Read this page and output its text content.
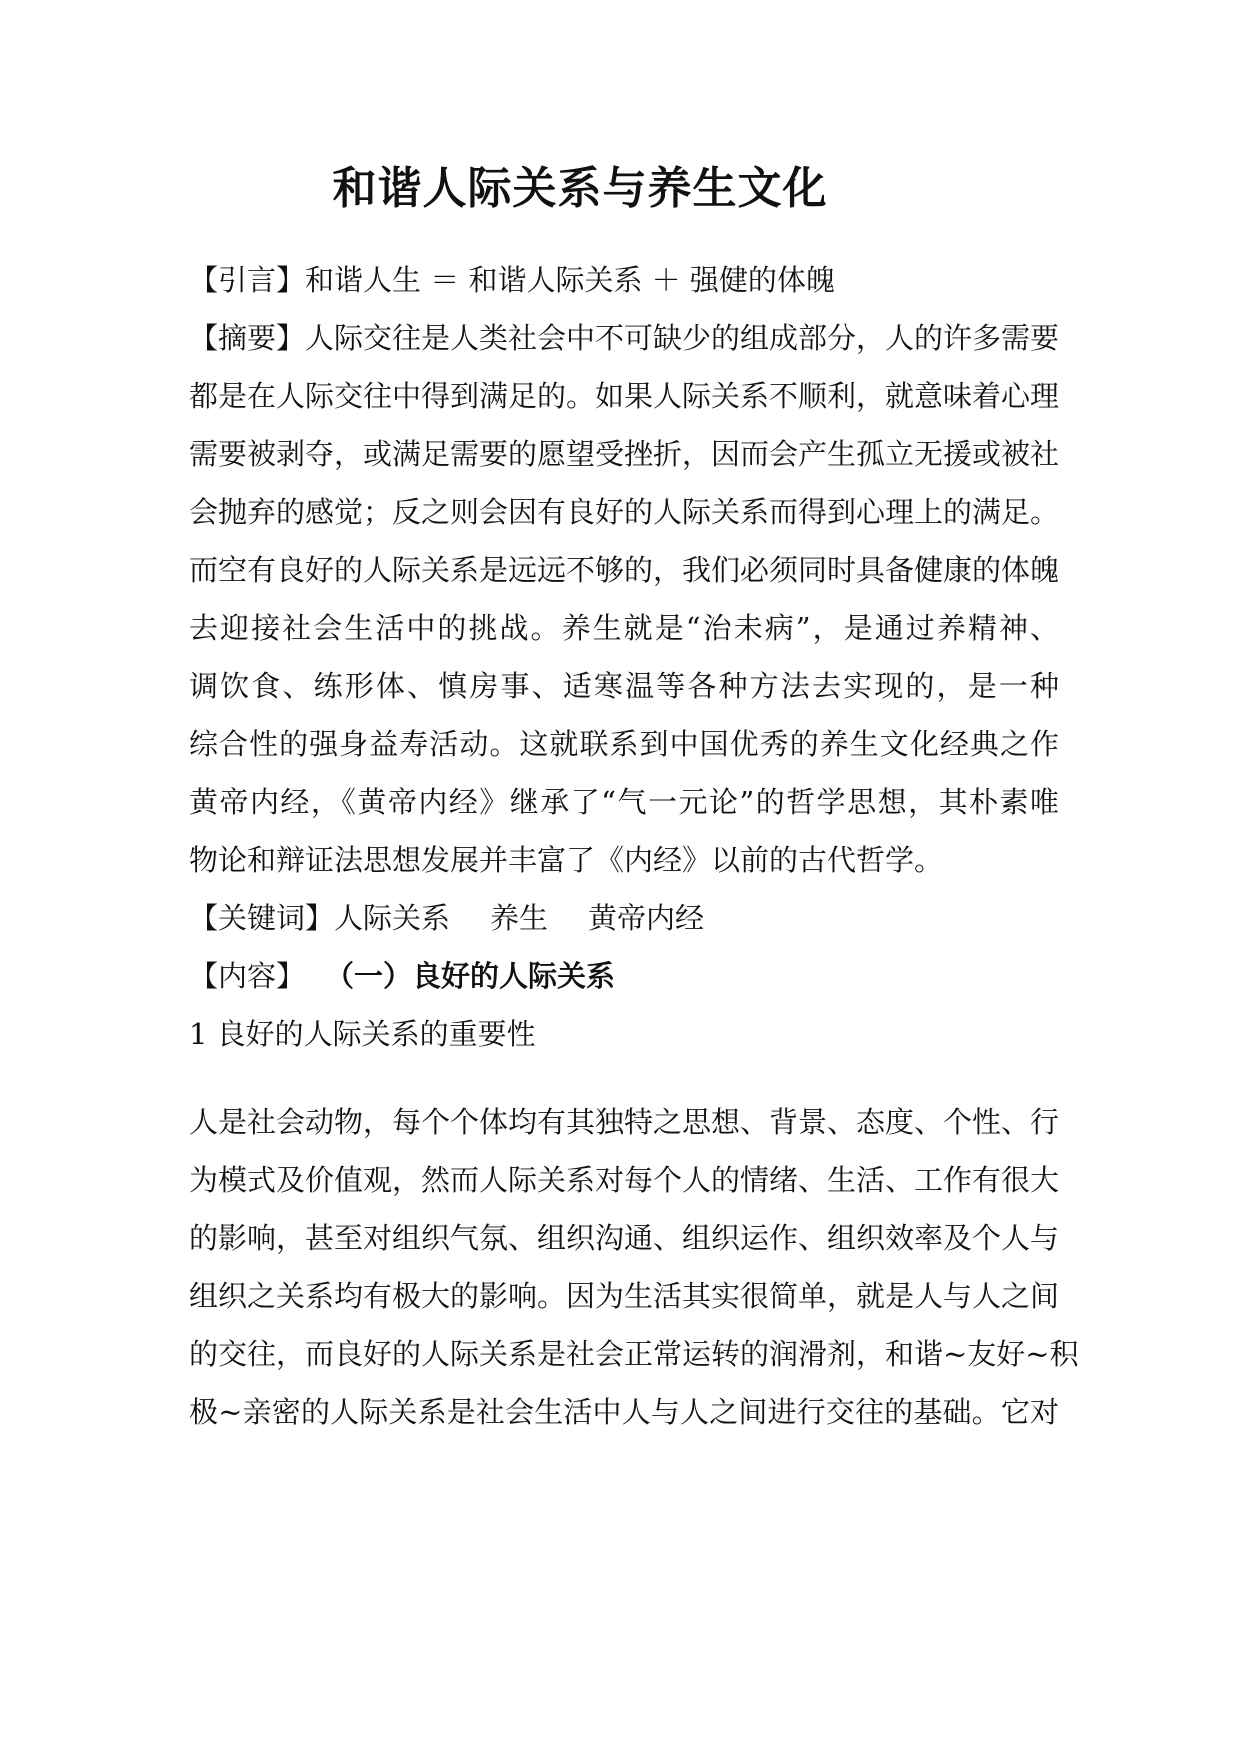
和谐人际关系与养生文化
【引言】和谐人生 ＝ 和谐人际关系 ＋ 强健的体魄
【摘要】人际交往是人类社会中不可缺少的组成部分，人的许多需要
都是在人际交往中得到满足的。如果人际关系不顺利，就意味着心理
需要被剥夺，或满足需要的愿望受挫折，因而会产生孤立无援或被社
会抛弃的感觉；反之则会因有良好的人际关系而得到心理上的满足。
而空有良好的人际关系是远远不够的，我们必须同时具备健康的体魄
去迎接社会生活中的挑战。养生就是“治未病”，是通过养精神、
调饮食、练形体、慎房事、适寒温等各种方法去实现的，是一种
综合性的强身益寿活动。这就联系到中国优秀的养生文化经典之作
黄帝内经，《黄帝内经》继承了“气一元论”的哲学思想，其朴素唯
物论和辩证法思想发展并丰富了《内经》以前的古代哲学。
【关键词】人际关系 养生 黄帝内经
【内容】 （一）良好的人际关系
1 良好的人际关系的重要性
人是社会动物，每个个体均有其独特之思想、背景、态度、个性、行
为模式及价值观，然而人际关系对每个人的情绪、生活、工作有很大
的影响，甚至对组织气氛、组织沟通、组织运作、组织效率及个人与
组织之关系均有极大的影响。因为生活其实很简单，就是人与人之间
的交往，而良好的人际关系是社会正常运转的润滑剂，和谐~友好~积
极~亲密的人际关系是社会生活中人与人之间进行交往的基础。它对
